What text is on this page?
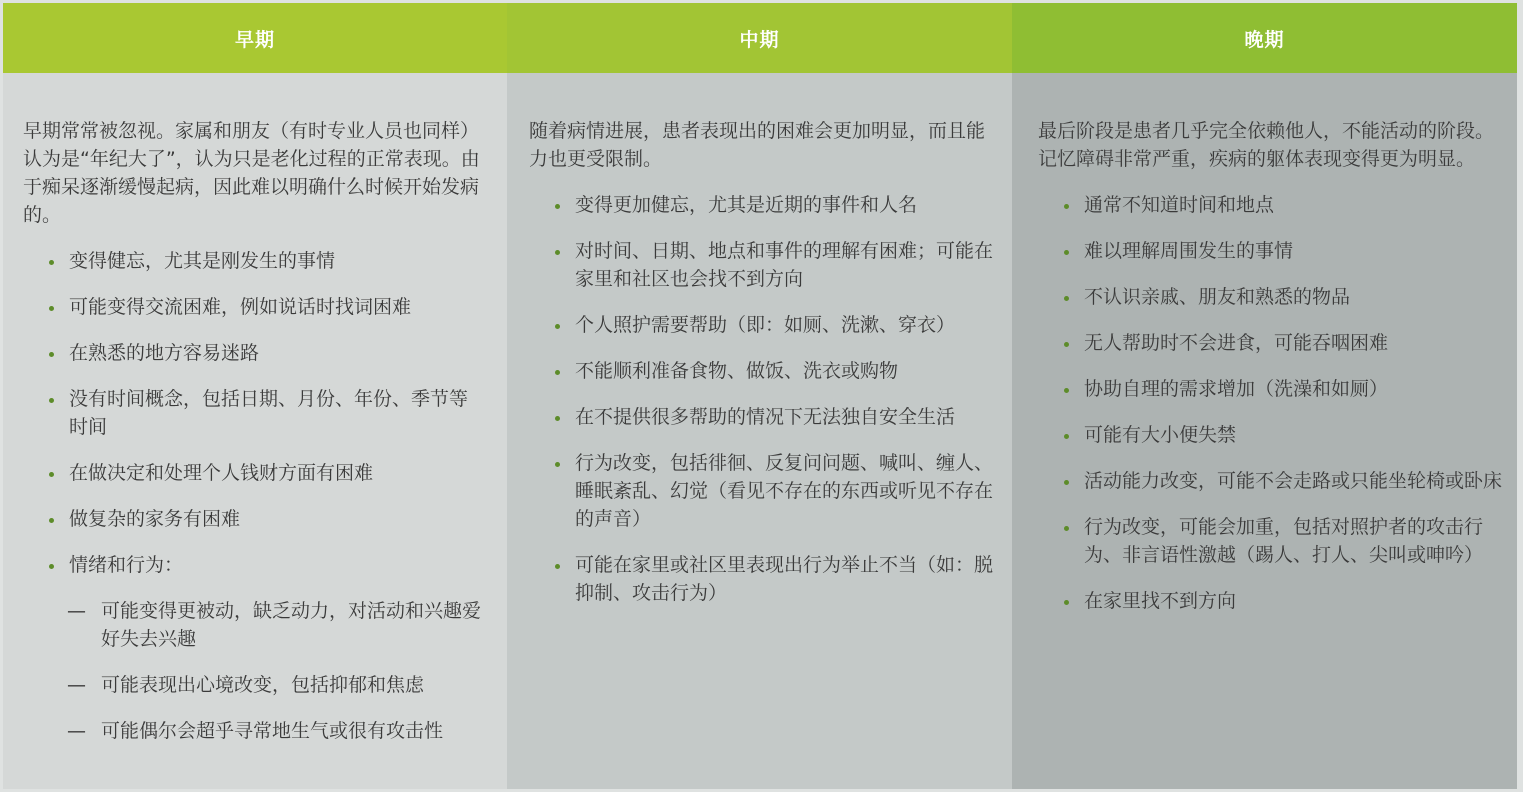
早期

早期常常被忽视。家属和朋友（有时专业人员也同样）认为是“年纪大了”，认为只是老化过程的正常表现。由于痴呆逐渐缓慢起病，因此难以明确什么时候开始发病的。

变得健忘，尤其是刚发生的事情
可能变得交流困难，例如说话时找词困难
在熟悉的地方容易迷路
没有时间概念，包括日期、月份、年份、季节等时间
在做决定和处理个人钱财方面有困难
做复杂的家务有困难
情绪和行为：
— 可能变得更被动，缺乏动力，对活动和兴趣爱好失去兴趣
— 可能表现出心境改变，包括抑郁和焦虑
— 可能偶尔会超乎寻常地生气或很有攻击性
中期

随着病情进展，患者表现出的困难会更加明显，而且能力也更受限制。

变得更加健忘，尤其是近期的事件和人名
对时间、日期、地点和事件的理解有困难；可能在家里和社区也会找不到方向
个人照护需要帮助（即：如厕、洗漱、穿衣）
不能顺利准备食物、做饭、洗衣或购物
在不提供很多帮助的情况下无法独自安全生活
行为改变，包括徘徊、反复问问题、喊叫、缠人、睡眠紊乱、幻觉（看见不存在的东西或听见不存在的声音）
可能在家里或社区里表现出行为举止不当（如：脱抑制、攻击行为）
晚期

最后阶段是患者几乎完全依赖他人，不能活动的阶段。记忆障碍非常严重，疾病的躯体表现变得更为明显。

通常不知道时间和地点
难以理解周围发生的事情
不认识亲戚、朋友和熟悉的物品
无人帮助时不会进食，可能吞咽困难
协助自理的需求增加（洗澡和如厕）
可能有大小便失禁
活动能力改变，可能不会走路或只能坐轮椅或卧床
行为改变，可能会加重，包括对照护者的攻击行为、非言语性激越（踢人、打人、尖叫或呻吟）
在家里找不到方向
